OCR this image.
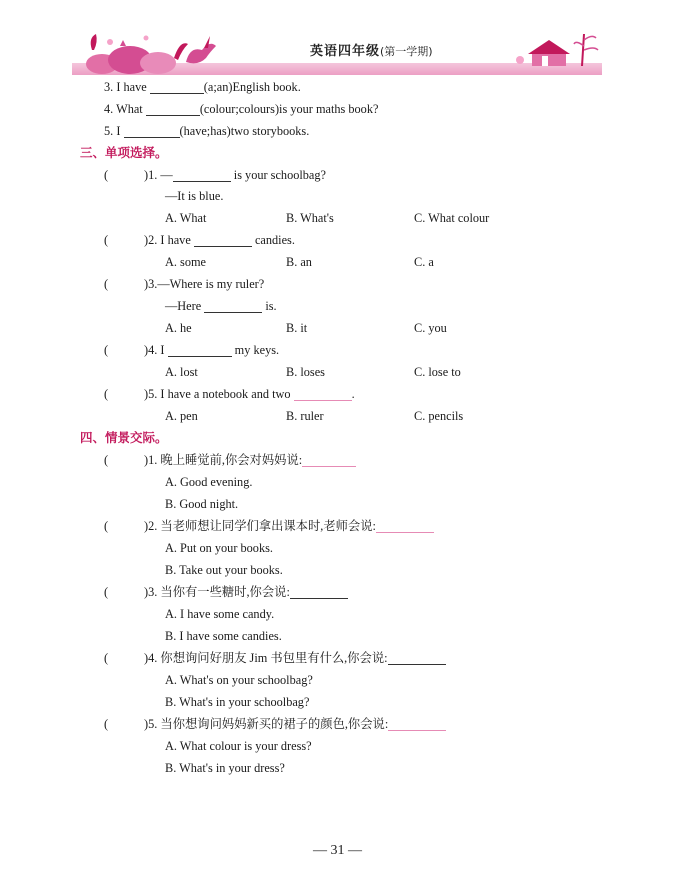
英语四年级(第一学期)
3. I have	(a;an)English book.
4. What	(colour;colours)is your maths book?
5. I	(have;has)two storybooks.
三、单项选择。
(	)1. —	is your schoolbag?
—It is blue.
A. What	B. What's	C. What colour
(	)2. I have	candies.
A. some	B. an	C. a
(	)3.—Where is my ruler?
—Here	is.
A. he	B. it	C. you
(	)4. I	my keys.
A. lost	B. loses	C. lose to
(	)5. I have a notebook and two	.
A. pen	B. ruler	C. pencils
四、情景交际。
(	)1. 晚上睡觉前,你会对妈妈说:
A. Good evening.
B. Good night.
(	)2. 当老师想让同学们拿出课本时,老师会说:
A. Put on your books.
B. Take out your books.
(	)3. 当你有一些糖时,你会说:
A. I have some candy.
B. I have some candies.
(	)4. 你想询问好朋友 Jim 书包里有什么,你会说:
A. What's on your schoolbag?
B. What's in your schoolbag?
(	)5. 当你想询问妈妈新买的裙子的颜色,你会说:
A. What colour is your dress?
B. What's in your dress?
— 31 —
